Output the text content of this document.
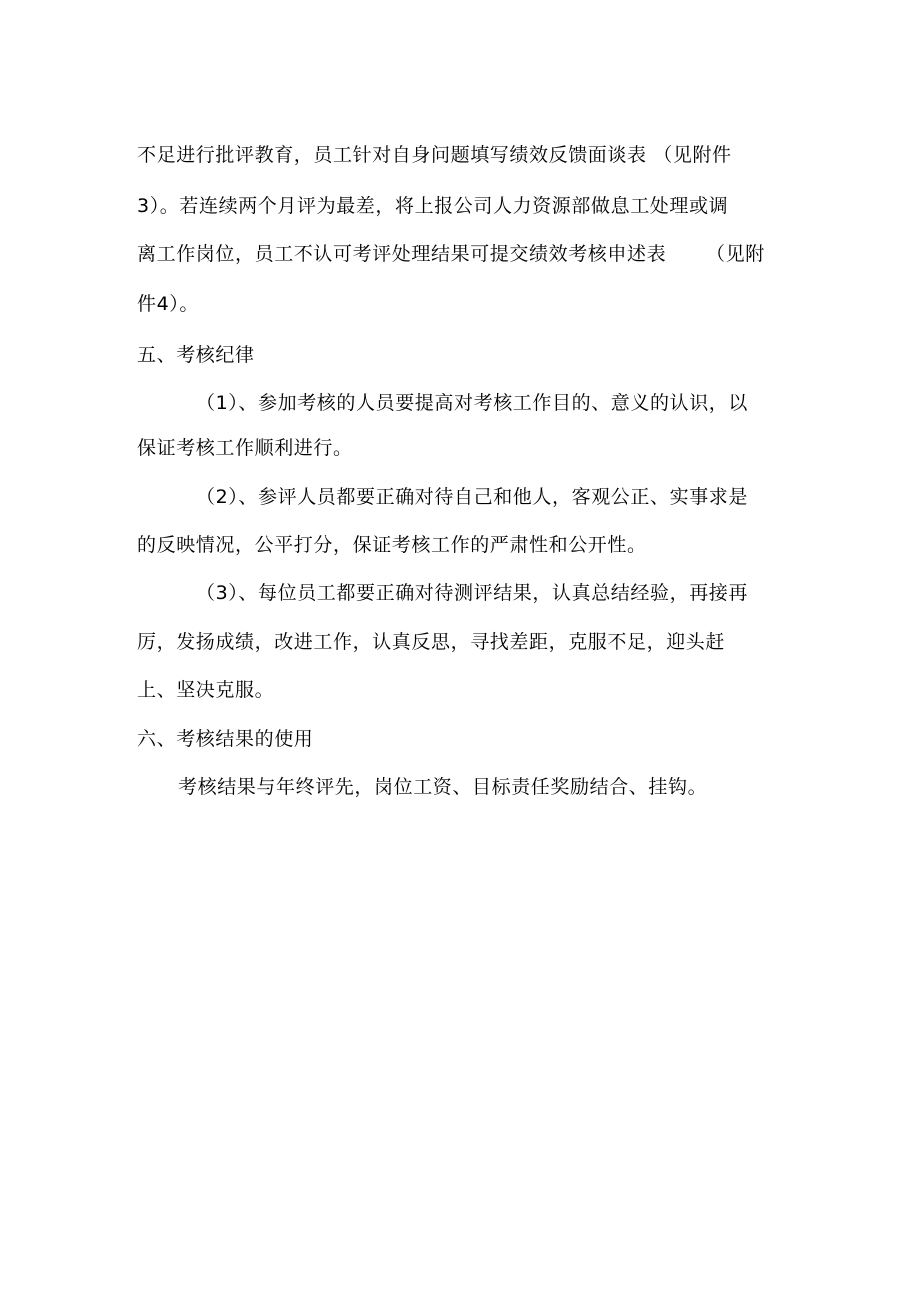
不足进行批评教育，员工针对自身问题填写绩效反馈面谈表 （见附件
3）。若连续两个月评为最差，将上报公司人力资源部做息工处理或调
离工作岗位，员工不认可考评处理结果可提交绩效考核申述表      （见附
件4）。
五、考核纪律
（1）、参加考核的人员要提高对考核工作目的、意义的认识，以
保证考核工作顺利进行。
（2）、参评人员都要正确对待自己和他人，客观公正、实事求是
的反映情况，公平打分，保证考核工作的严肃性和公开性。
（3）、每位员工都要正确对待测评结果，认真总结经验，再接再
厉，发扬成绩，改进工作，认真反思，寻找差距，克服不足，迎头赶
上、坚决克服。
六、考核结果的使用
考核结果与年终评先，岗位工资、目标责任奖励结合、挂钩。
